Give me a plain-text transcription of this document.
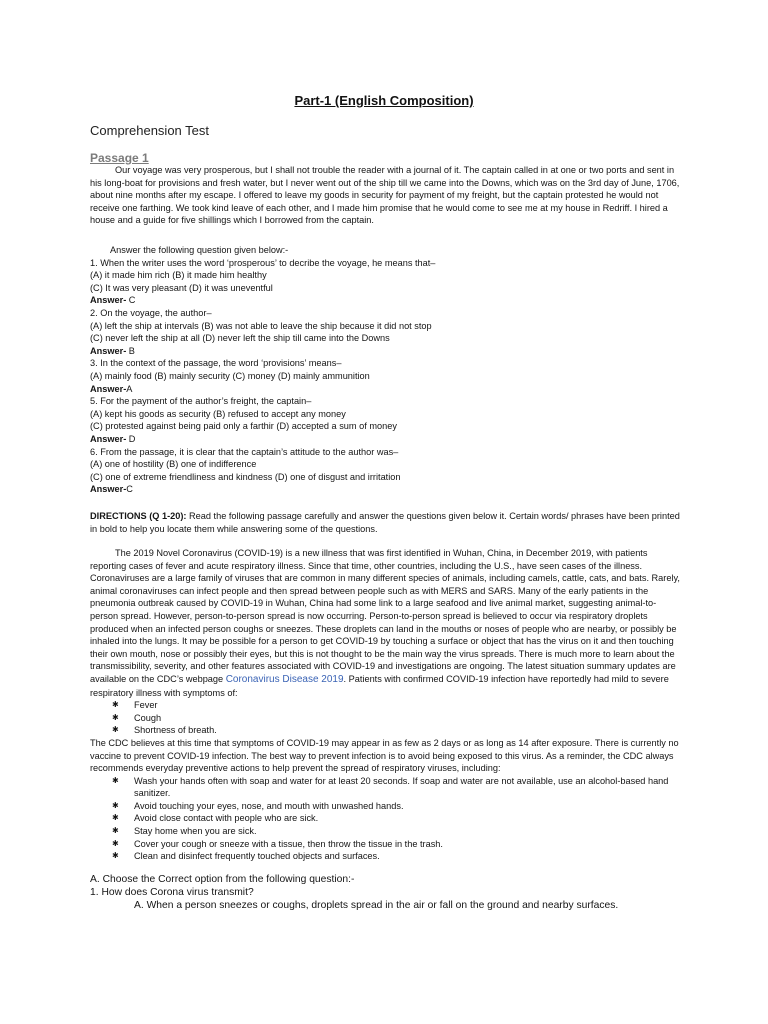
Part-1 (English Composition)
Comprehension Test
Passage 1
Our voyage was very prosperous, but I shall not trouble the reader with a journal of it. The captain called in at one or two ports and sent in his long-boat for provisions and fresh water, but I never went out of the ship till we came into the Downs, which was on the 3rd day of June, 1706, about nine months after my escape. I offered to leave my goods in security for payment of my freight, but the captain protested he would not receive one farthing. We took kind leave of each other, and I made him promise that he would come to see me at my house in Redriff. I hired a house and a guide for five shillings which I borrowed from the captain.
Answer the following question given below:-
1. When the writer uses the word ‘prosperous’ to decribe the voyage, he means that–
(A) it made him rich (B) it made him healthy
(C) It was very pleasant (D) it was uneventful
Answer- C
2. On the voyage, the author–
(A) left the ship at intervals (B) was not able to leave the ship because it did not stop
(C) never left the ship at all (D) never left the ship till came into the Downs
Answer- B
3. In the context of the passage, the word ‘provisions’ means–
(A) mainly food (B) mainly security (C) money (D) mainly ammunition
Answer-A
5. For the payment of the author’s freight, the captain–
(A) kept his goods as security (B) refused to accept any money
(C) protested against being paid only a farthir (D) accepted a sum of money
Answer- D
6. From the passage, it is clear that the captain’s attitude to the author was–
(A) one of hostility (B) one of indifference
(C) one of extreme friendliness and kindness (D) one of disgust and irritation
Answer-C
DIRECTIONS (Q 1-20): Read the following passage carefully and answer the questions given below it. Certain words/ phrases have been printed in bold to help you locate them while answering some of the questions.
The 2019 Novel Coronavirus (COVID-19) is a new illness that was first identified in Wuhan, China, in December 2019, with patients reporting cases of fever and acute respiratory illness. Since that time, other countries, including the U.S., have seen cases of the illness. Coronaviruses are a large family of viruses that are common in many different species of animals, including camels, cattle, cats, and bats. Rarely, animal coronaviruses can infect people and then spread between people such as with MERS and SARS. Many of the early patients in the pneumonia outbreak caused by COVID-19 in Wuhan, China had some link to a large seafood and live animal market, suggesting animal-to-person spread. However, person-to-person spread is now occurring. Person-to-person spread is believed to occur via respiratory droplets produced when an infected person coughs or sneezes. These droplets can land in the mouths or noses of people who are nearby, or possibly be inhaled into the lungs. It may be possible for a person to get COVID-19 by touching a surface or object that has the virus on it and then touching their own mouth, nose or possibly their eyes, but this is not thought to be the main way the virus spreads. There is much more to learn about the transmissibility, severity, and other features associated with COVID-19 and investigations are ongoing. The latest situation summary updates are available on the CDC’s webpage Coronavirus Disease 2019. Patients with confirmed COVID-19 infection have reportedly had mild to severe respiratory illness with symptoms of:
✱ Fever
✱ Cough
✱ Shortness of breath.
The CDC believes at this time that symptoms of COVID-19 may appear in as few as 2 days or as long as 14 after exposure. There is currently no vaccine to prevent COVID-19 infection. The best way to prevent infection is to avoid being exposed to this virus. As a reminder, the CDC always recommends everyday preventive actions to help prevent the spread of respiratory viruses, including:
✱ Wash your hands often with soap and water for at least 20 seconds. If soap and water are not available, use an alcohol-based hand sanitizer.
✱ Avoid touching your eyes, nose, and mouth with unwashed hands.
✱ Avoid close contact with people who are sick.
✱ Stay home when you are sick.
✱ Cover your cough or sneeze with a tissue, then throw the tissue in the trash.
✱ Clean and disinfect frequently touched objects and surfaces.
A. Choose the Correct option from the following question:-
1. How does Corona virus transmit?
A. When a person sneezes or coughs, droplets spread in the air or fall on the ground and nearby surfaces.
